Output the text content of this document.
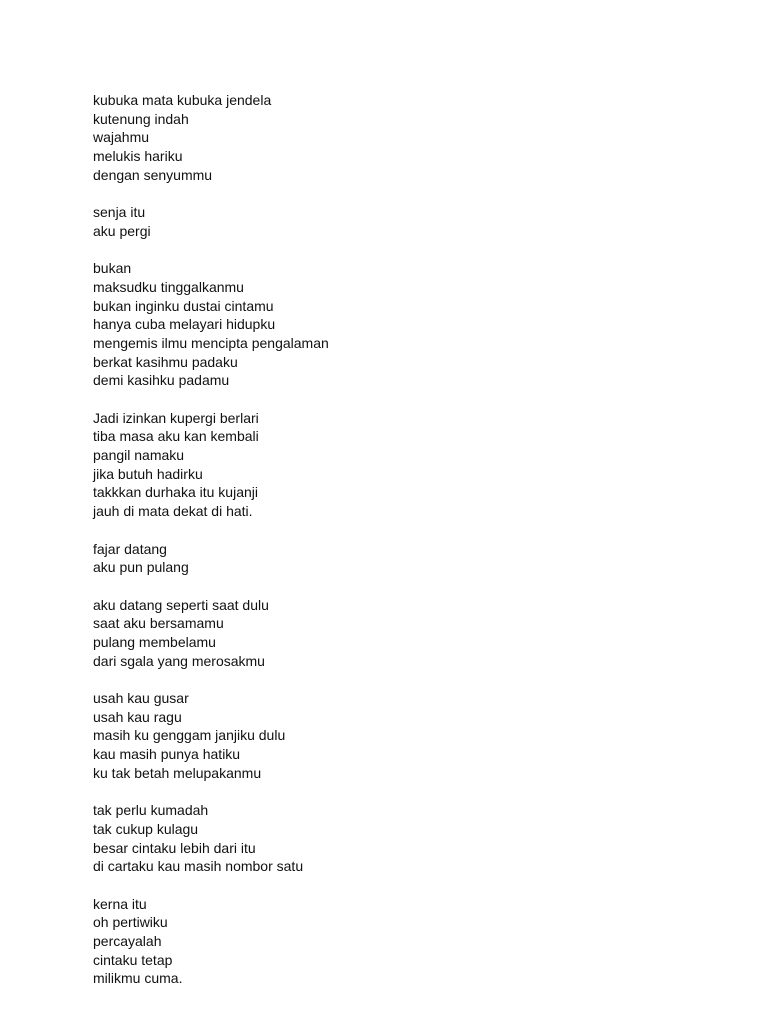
kubuka mata kubuka jendela
kutenung indah
wajahmu
melukis hariku
dengan senyummu
senja itu
aku pergi
bukan
maksudku tinggalkanmu
bukan inginku dustai cintamu
hanya cuba melayari hidupku
mengemis ilmu mencipta pengalaman
berkat kasihmu padaku
demi kasihku padamu
Jadi izinkan kupergi berlari
tiba masa aku kan kembali
pangil namaku
jika butuh hadirku
takkkan durhaka itu kujanji
jauh di mata dekat di hati.
fajar datang
aku pun pulang
aku datang seperti saat dulu
saat aku bersamamu
pulang membelamu
dari sgala yang merosakmu
usah kau gusar
usah kau ragu
masih ku genggam janjiku dulu
kau masih punya hatiku
ku tak betah melupakanmu
tak perlu kumadah
tak cukup kulagu
besar cintaku lebih dari itu
di cartaku kau masih nombor satu
kerna itu
oh pertiwiku
percayalah
cintaku tetap
milikmu cuma.
